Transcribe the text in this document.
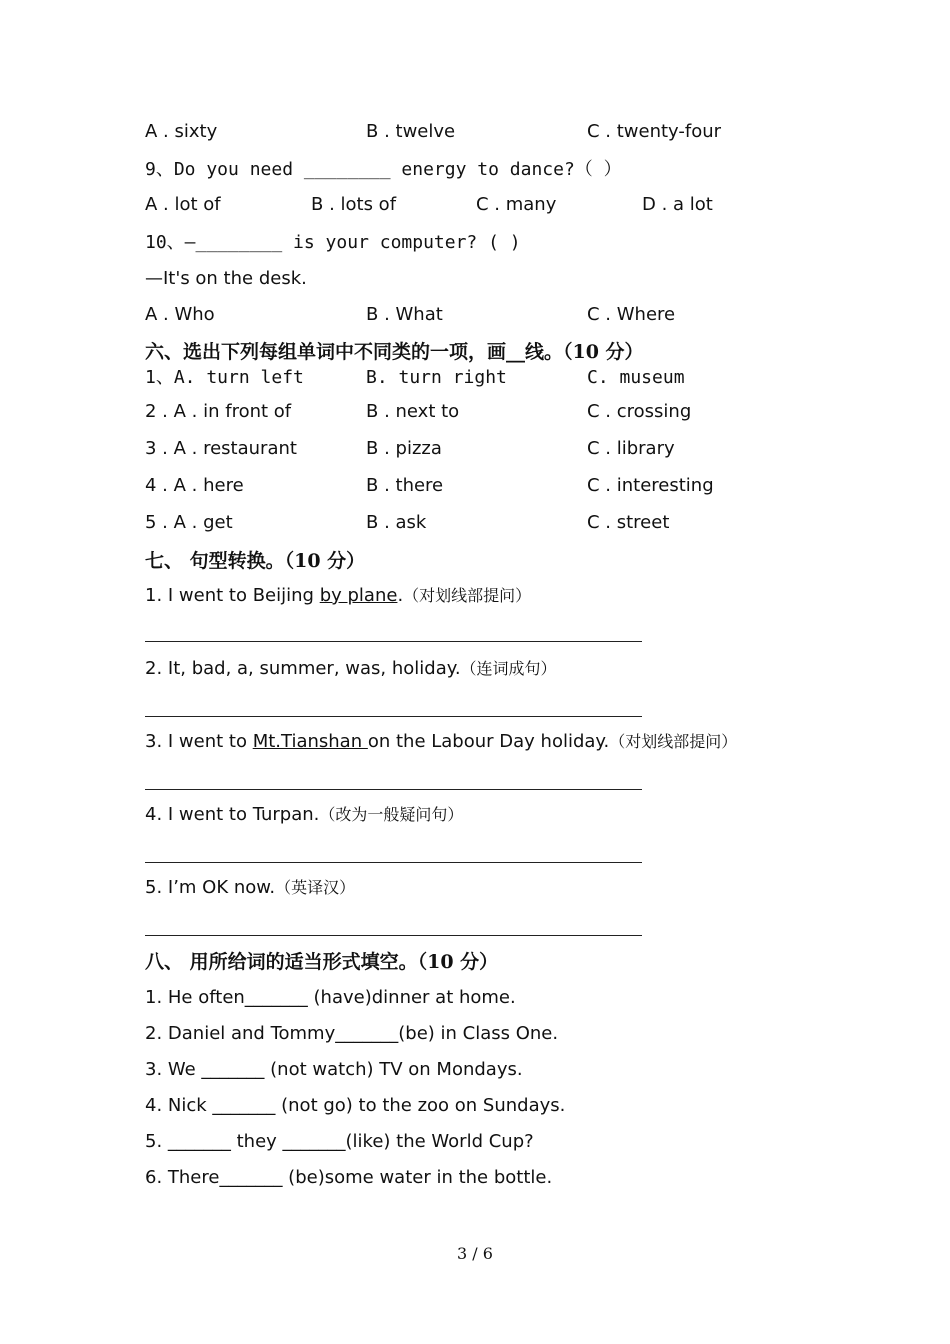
A . sixty	B . twelve	C . twenty-four
9、Do you need ________ energy to dance?（ ）
A . lot of	B . lots of	C . many	D . a lot
10、—________ is your computer? ( )
—It's on the desk.
A . Who	B . What	C . Where
六、选出下列每组单词中不同类的一项，画__线。（10 分）
1、A. turn left	B. turn right	C. museum
2 . A . in front of	B . next to	C . crossing
3 . A . restaurant	B . pizza	C . library
4 . A . here	B . there	C . interesting
5 . A . get	B . ask	C . street
七、 句型转换。（10 分）
1. I went to Beijing by plane.（对划线部提问）
2. It, bad, a, summer, was, holiday.（连词成句）
3. I went to Mt.Tianshan on the Labour Day holiday.（对划线部提问）
4. I went to Turpan.（改为一般疑问句）
5. I’m OK now.（英译汉）
八、 用所给词的适当形式填空。（10 分）
1. He often_______ (have)dinner at home.
2. Daniel and Tommy_______(be) in Class One.
3. We _______ (not watch) TV on Mondays.
4. Nick _______ (not go) to the zoo on Sundays.
5. _______ they _______(like) the World Cup?
6. There_______ (be)some water in the bottle.
3 / 6
